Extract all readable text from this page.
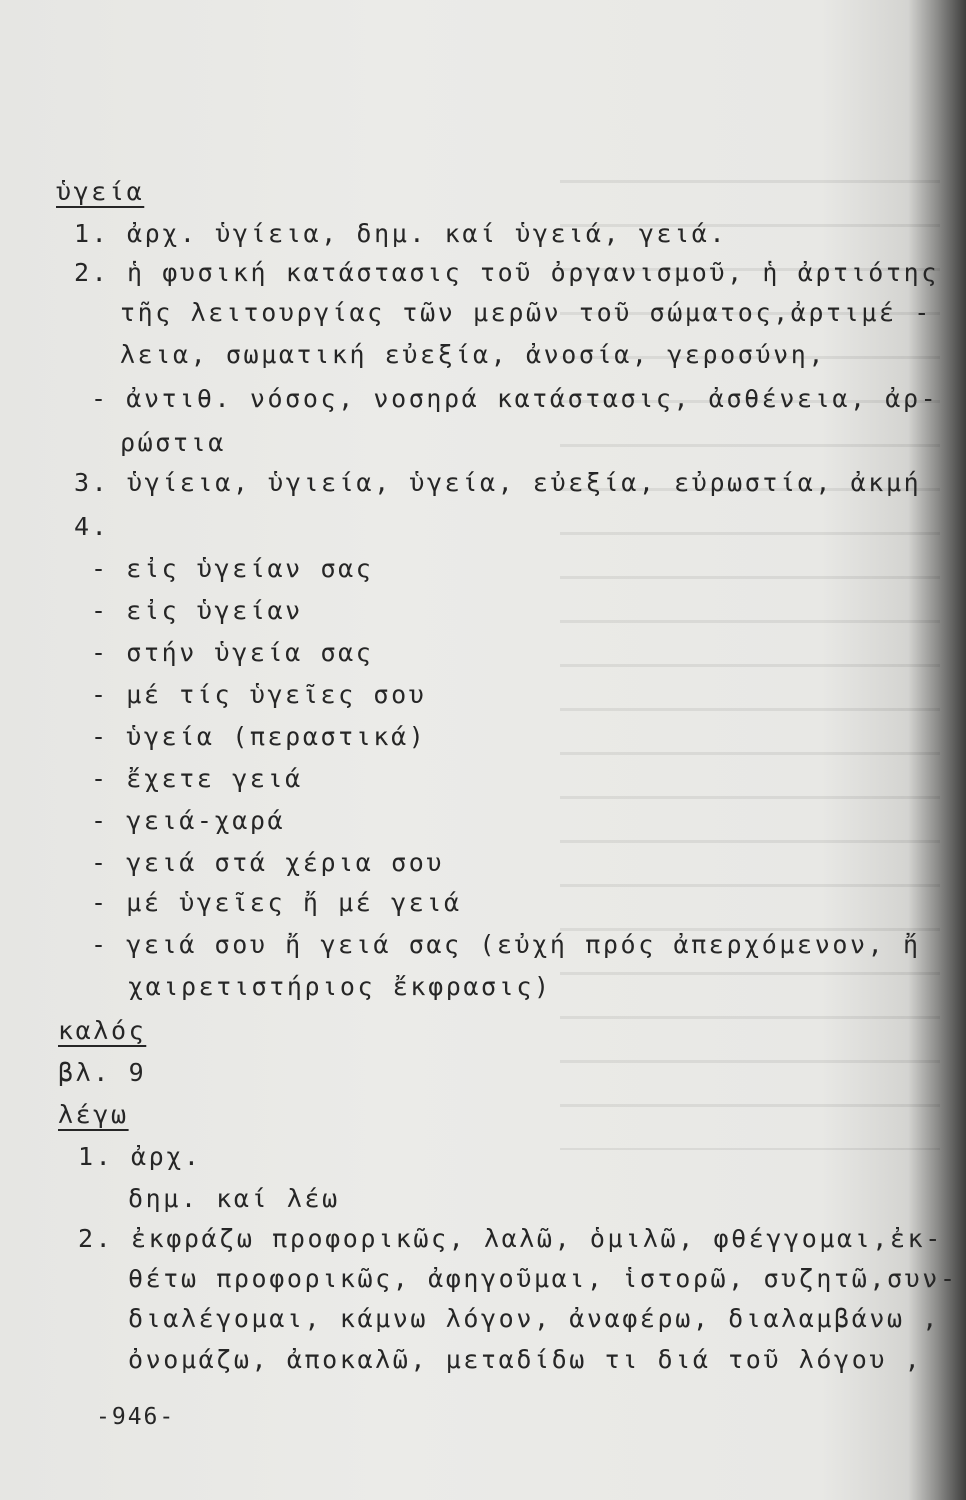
ὑγεία
1. ἀρχ. ὑγίεια, δημ. καί ὑγειά, γειά.
2. ἡ φυσική κατάστασις τοῦ ὀργανισμοῦ, ἡ ἀρτιότης
τῆς λειτουργίας τῶν μερῶν τοῦ σώματος,ἀρτιμέ -
λεια, σωματική εὐεξία, ἀνοσία, γεροσύνη,
- ἀντιθ. νόσος, νοσηρά κατάστασις, ἀσθένεια, ἀρ-
ρώστια
3. ὑγίεια, ὑγιεία, ὑγεία, εὐεξία, εὐρωστία, ἀκμή
4.
- εἰς ὑγείαν σας
- εἰς ὑγείαν
- στήν ὑγεία σας
- μέ τίς ὑγεῖες σου
- ὑγεία (περαστικά)
- ἔχετε γειά
- γειά-χαρά
- γειά στά χέρια σου
- μέ ὑγεῖες ἤ μέ γειά
- γειά σου ἤ γειά σας (εὐχή πρός ἀπερχόμενον, ἤ
χαιρετιστήριος ἔκφρασις)
καλός
βλ. 9
λέγω
1. ἀρχ.
δημ. καί λέω
2. ἐκφράζω προφορικῶς, λαλῶ, ὁμιλῶ, φθέγγομαι,ἐκ-
θέτω προφορικῶς, ἀφηγοῦμαι, ἱστορῶ, συζητῶ,συν-
διαλέγομαι, κάμνω λόγον, ἀναφέρω, διαλαμβάνω ,
ὀνομάζω, ἀποκαλῶ, μεταδίδω τι διά τοῦ λόγου ,
-946-
